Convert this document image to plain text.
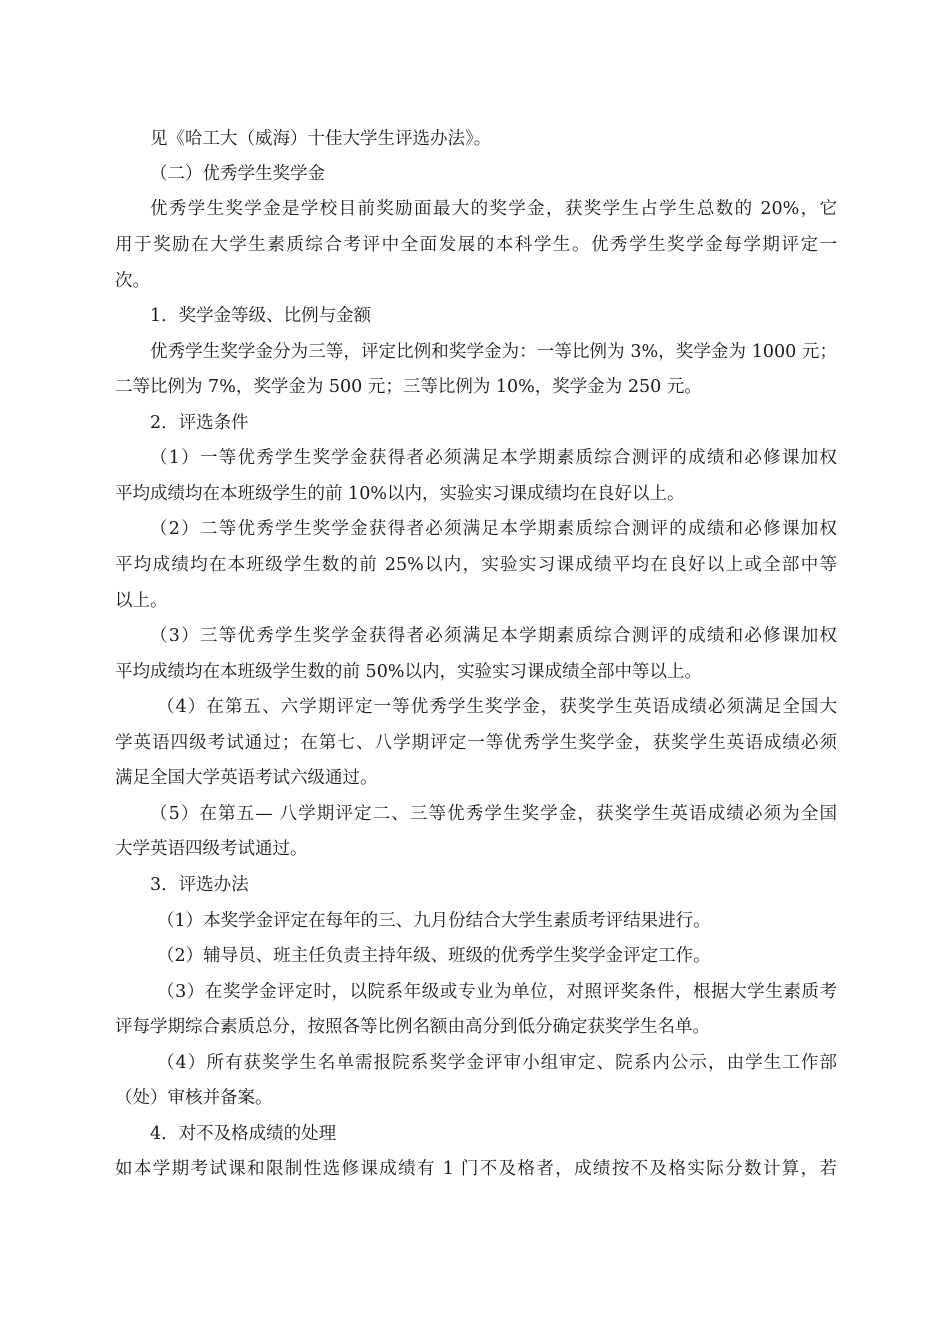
见《哈工大（威海）十佳大学生评选办法》。

（二）优秀学生奖学金

优秀学生奖学金是学校目前奖励面最大的奖学金，获奖学生占学生总数的 20%，它

用于奖励在大学生素质综合考评中全面发展的本科学生。优秀学生奖学金每学期评定一

次。

1．奖学金等级、比例与金额

优秀学生奖学金分为三等，评定比例和奖学金为：一等比例为 3%，奖学金为 1000 元；

二等比例为 7%，奖学金为 500 元；三等比例为 10%，奖学金为 250 元。

2．评选条件

（1）一等优秀学生奖学金获得者必须满足本学期素质综合测评的成绩和必修课加权

平均成绩均在本班级学生的前 10%以内，实验实习课成绩均在良好以上。

（2）二等优秀学生奖学金获得者必须满足本学期素质综合测评的成绩和必修课加权

平均成绩均在本班级学生数的前 25%以内，实验实习课成绩平均在良好以上或全部中等

以上。

（3）三等优秀学生奖学金获得者必须满足本学期素质综合测评的成绩和必修课加权

平均成绩均在本班级学生数的前 50%以内，实验实习课成绩全部中等以上。

（4）在第五、六学期评定一等优秀学生奖学金，获奖学生英语成绩必须满足全国大

学英语四级考试通过；在第七、八学期评定一等优秀学生奖学金，获奖学生英语成绩必须

满足全国大学英语考试六级通过。

（5）在第五— 八学期评定二、三等优秀学生奖学金，获奖学生英语成绩必须为全国

大学英语四级考试通过。

3．评选办法

（1）本奖学金评定在每年的三、九月份结合大学生素质考评结果进行。

（2）辅导员、班主任负责主持年级、班级的优秀学生奖学金评定工作。

（3）在奖学金评定时，以院系年级或专业为单位，对照评奖条件，根据大学生素质考

评每学期综合素质总分，按照各等比例名额由高分到低分确定获奖学生名单。

（4）所有获奖学生名单需报院系奖学金评审小组审定、院系内公示，由学生工作部

（处）审核并备案。

4．对不及格成绩的处理

如本学期考试课和限制性选修课成绩有 1 门不及格者，成绩按不及格实际分数计算，若
